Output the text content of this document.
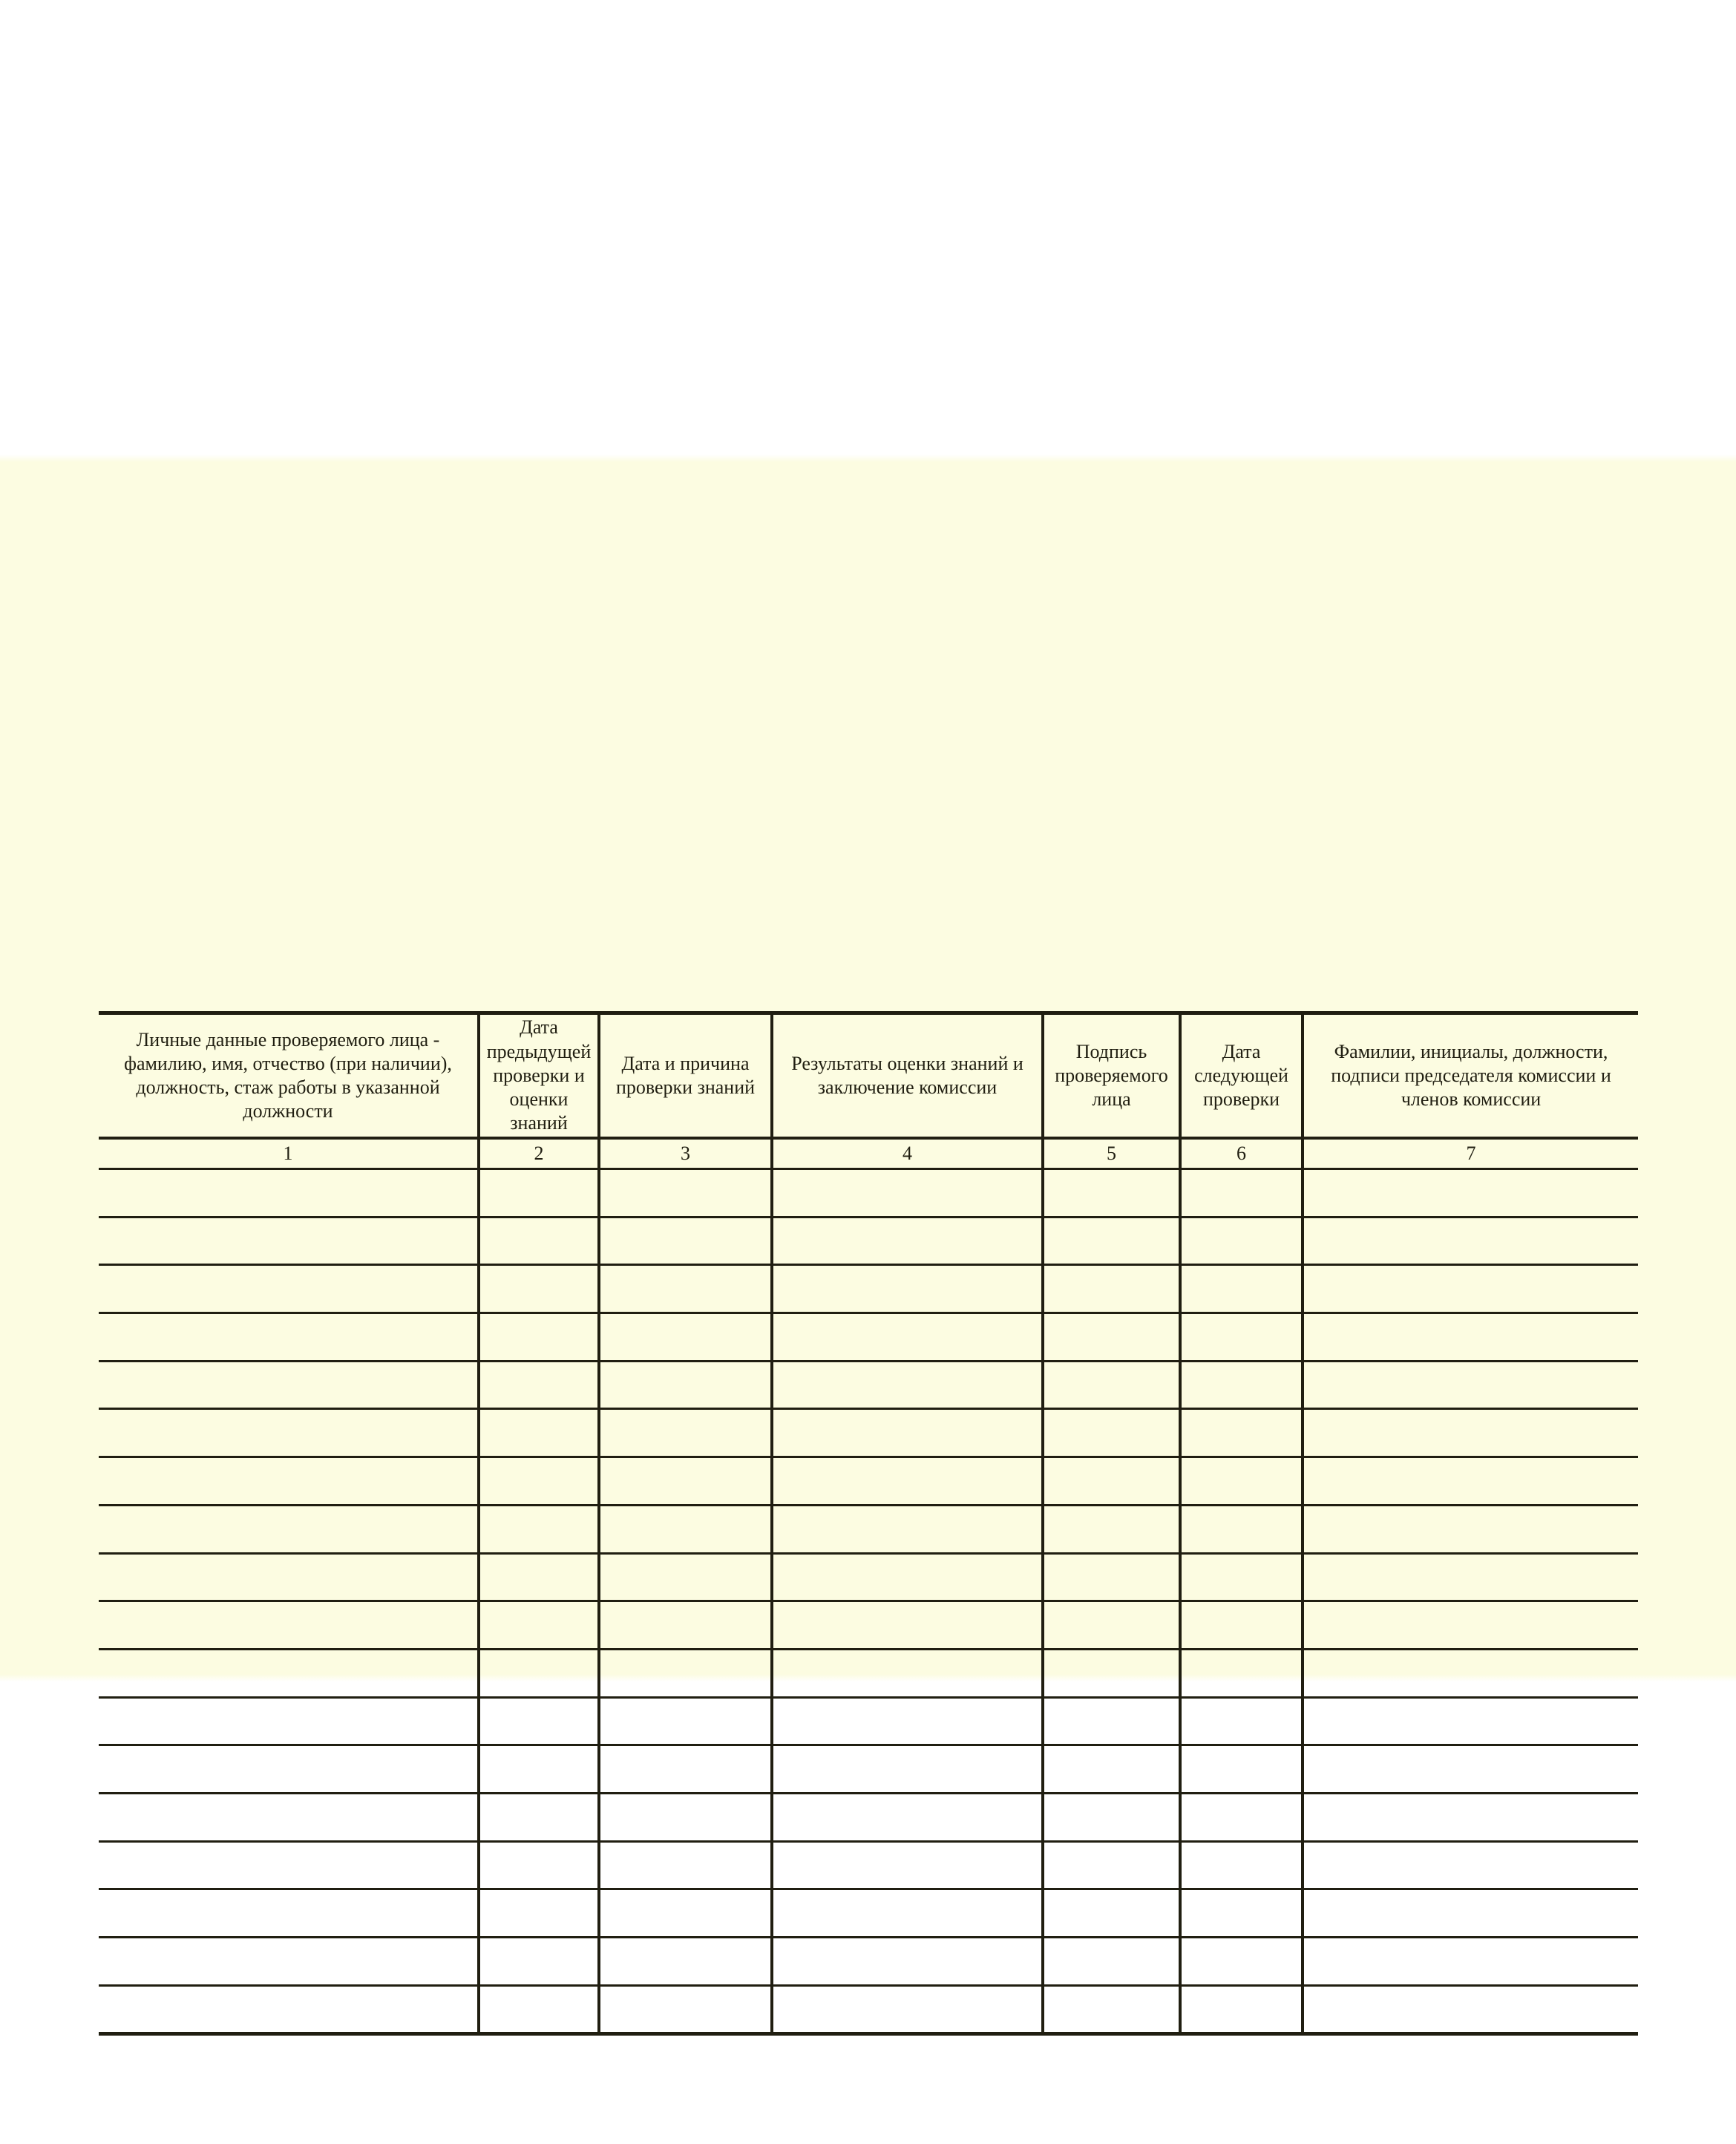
Личные данные проверяемого лица - фамилию, имя, отчество (при наличии), должность, стаж работы в указанной должности	Дата предыдущей проверки и оценки знаний	Дата и причина проверки знаний	Результаты оценки знаний и заключение комиссии	Подпись проверяемого лица	Дата следующей проверки	Фамилии, инициалы, должности, подписи председателя комиссии и членов комиссии
1	2	3	4	5	6	7
